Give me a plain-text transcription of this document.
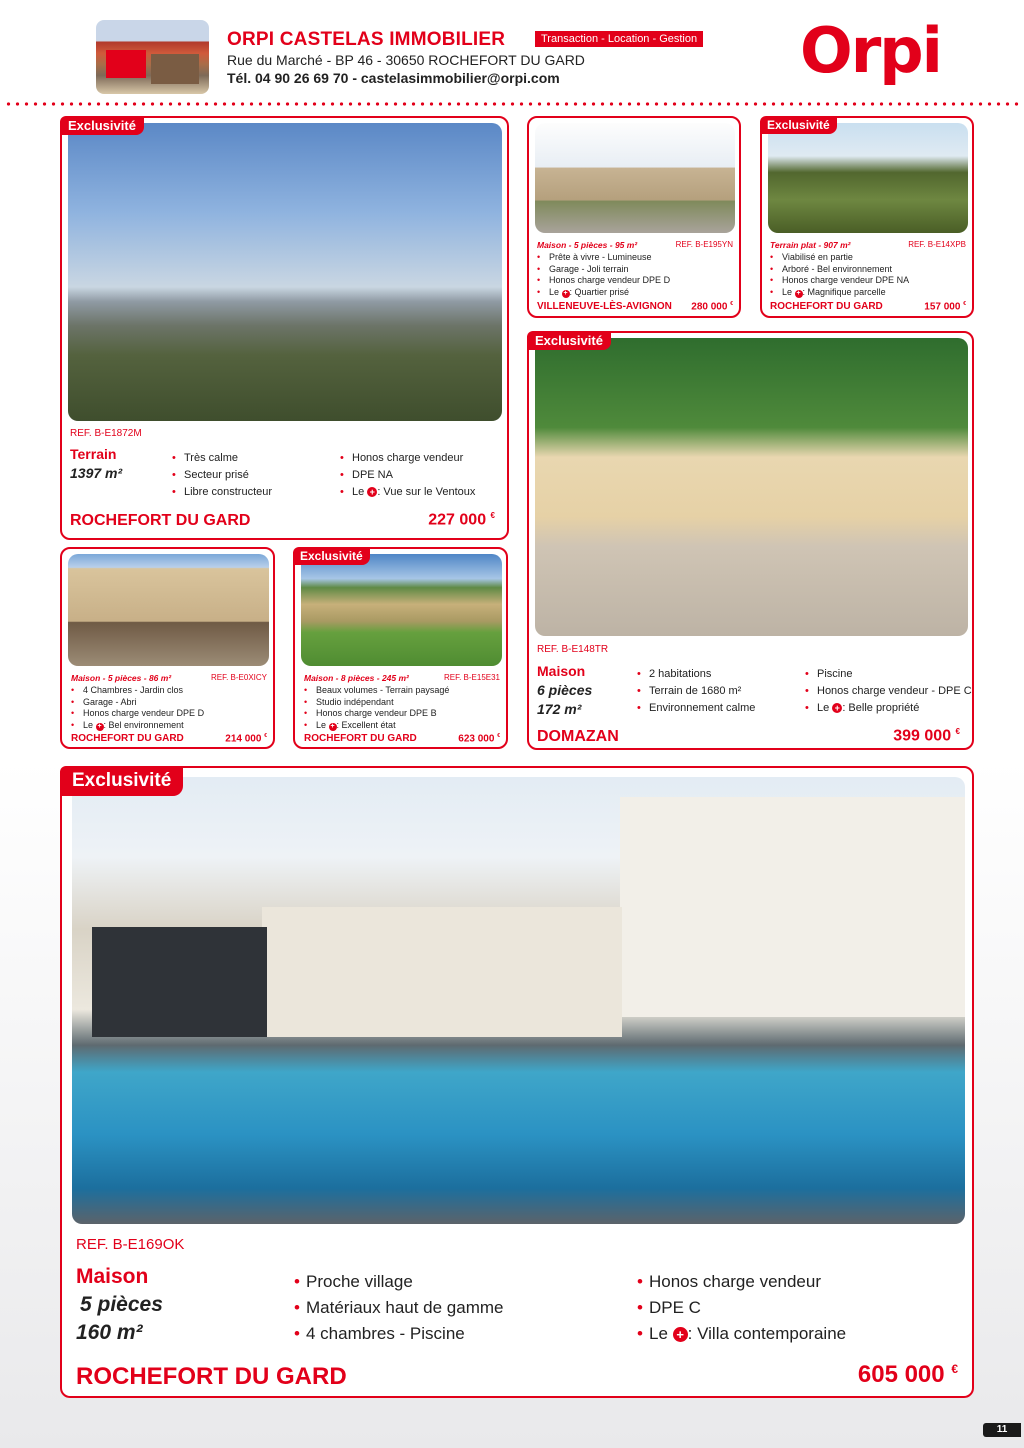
ORPI CASTELAS IMMOBILIER	Transaction - Location - Gestion
Rue du Marché - BP 46 - 30650 ROCHEFORT DU GARD
Tél. 04 90 26 69 70 - castelasimmobilier@orpi.com	Orpi
Exclusivité
REF. B-E1872M
Terrain
1397 m²
• Très calme
• Secteur prisé
• Libre constructeur
• Honos charge vendeur
• DPE NA
• Le + : Vue sur le Ventoux
ROCHEFORT DU GARD	227 000 €
Maison - 5 pièces - 95 m²	REF. B-E195YN
• Prête à vivre - Lumineuse
• Garage - Joli terrain
• Honos charge vendeur DPE D
• Le + : Quartier prisé
VILLENEUVE-LÈS-AVIGNON 280 000 €
Exclusivité
Terrain plat - 907 m²	REF. B-E14XPB
• Viabilisé en partie
• Arboré - Bel environnement
• Honos charge vendeur DPE NA
• Le + : Magnifique parcelle
ROCHEFORT DU GARD	157 000 €
Exclusivité
REF. B-E148TR
Maison
6 pièces
172 m²
• 2 habitations
• Terrain de 1680 m²
• Environnement calme
• Piscine
• Honos charge vendeur - DPE C
• Le + : Belle propriété
DOMAZAN	399 000 €
Maison - 5 pièces - 86 m²	REF. B-E0XICY
• 4 Chambres - Jardin clos
• Garage - Abri
• Honos charge vendeur DPE D
• Le + : Bel environnement
ROCHEFORT DU GARD	214 000 €
Exclusivité
Maison - 8 pièces - 245 m²	REF. B-E15E31
• Beaux volumes - Terrain paysagé
• Studio indépendant
• Honos charge vendeur DPE B
• Le + : Excellent état
ROCHEFORT DU GARD	623 000 €
Exclusivité
REF. B-E169OK
Maison
5 pièces
160 m²
• Proche village
• Matériaux haut de gamme
• 4 chambres - Piscine
• Honos charge vendeur
• DPE C
• Le + : Villa contemporaine
ROCHEFORT DU GARD	605 000 €
11
